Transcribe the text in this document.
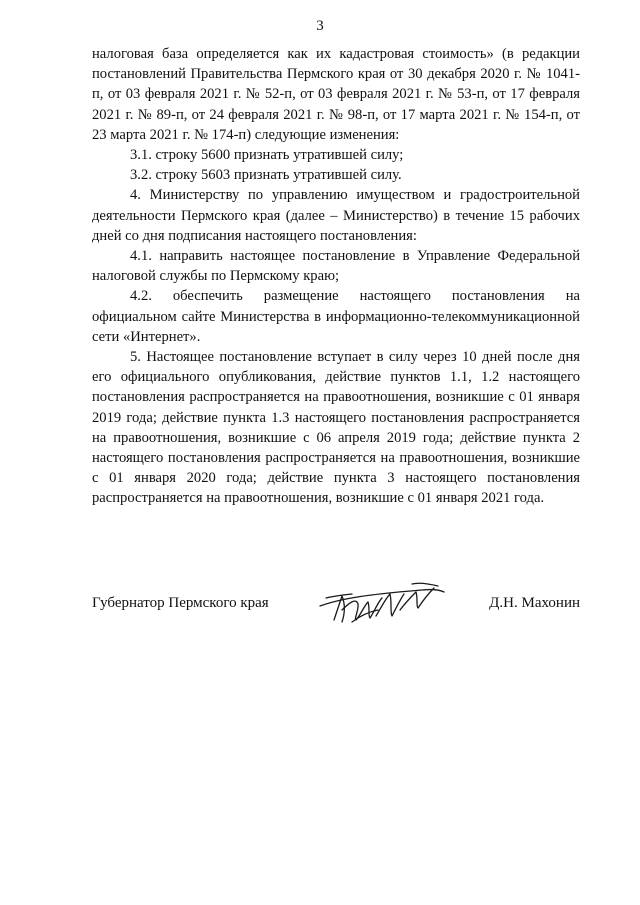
3

налоговая база определяется как их кадастровая стоимость» (в редакции постановлений Правительства Пермского края от 30 декабря 2020 г. № 1041-п, от 03 февраля 2021 г. № 52-п, от 03 февраля 2021 г. № 53-п, от 17 февраля 2021 г. № 89-п, от 24 февраля 2021 г. № 98-п, от 17 марта 2021 г. № 154-п, от 23 марта 2021 г. № 174-п) следующие изменения:

3.1. строку 5600 признать утратившей силу;

3.2. строку 5603 признать утратившей силу.

4. Министерству по управлению имуществом и градостроительной деятельности Пермского края (далее – Министерство) в течение 15 рабочих дней со дня подписания настоящего постановления:

4.1. направить настоящее постановление в Управление Федеральной налоговой службы по Пермскому краю;

4.2. обеспечить размещение настоящего постановления на официальном сайте Министерства в информационно-телекоммуникационной сети «Интернет».

5. Настоящее постановление вступает в силу через 10 дней после дня его официального опубликования, действие пунктов 1.1, 1.2 настоящего постановления распространяется на правоотношения, возникшие с 01 января 2019 года; действие пункта 1.3 настоящего постановления распространяется на правоотношения, возникшие с 06 апреля 2019 года; действие пункта 2 настоящего постановления распространяется на правоотношения, возникшие с 01 января 2020 года; действие пункта 3 настоящего постановления распространяется на правоотношения, возникшие с 01 января 2021 года.

Губернатор Пермского края	Д.Н. Махонин
